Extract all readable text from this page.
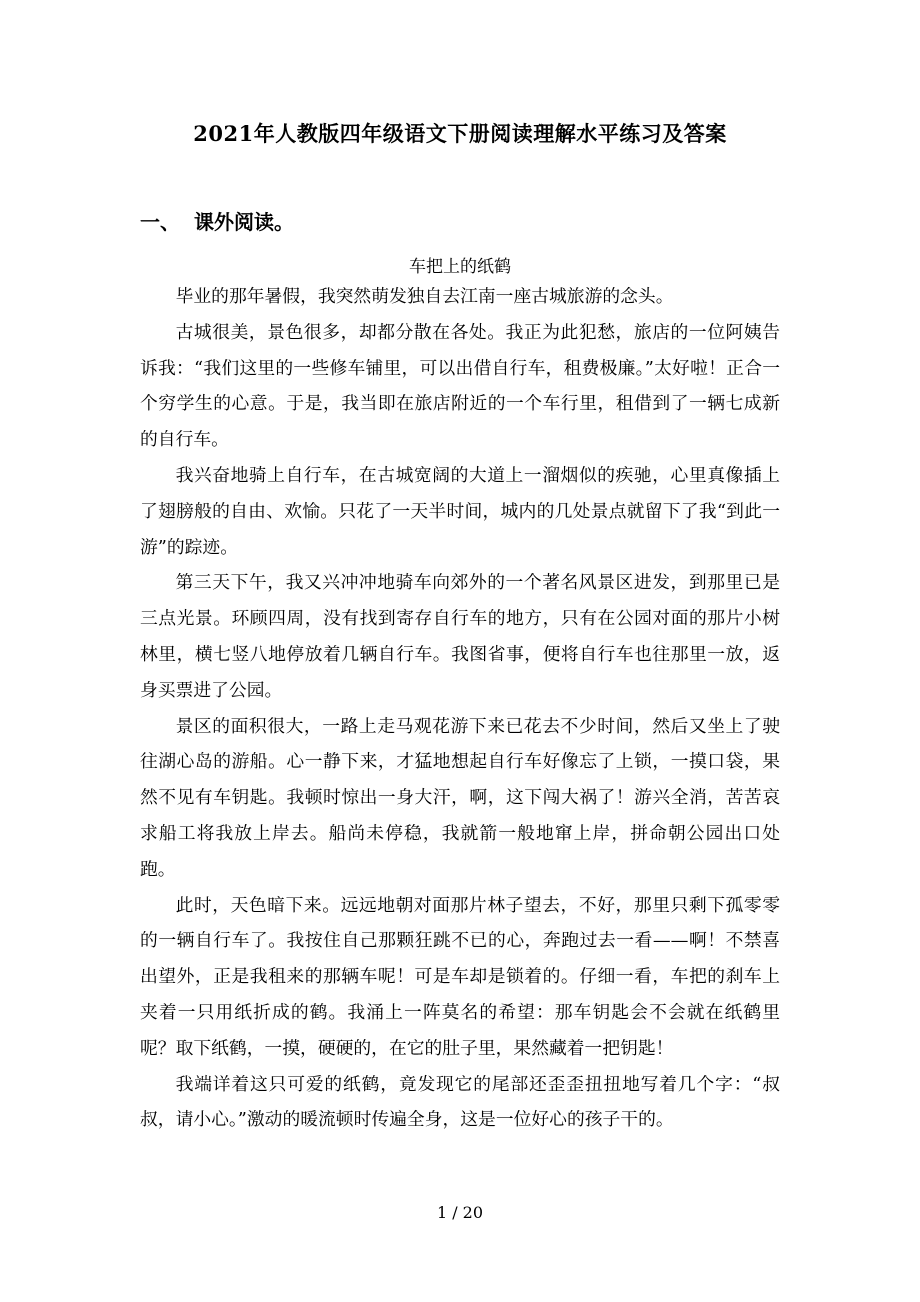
2021年人教版四年级语文下册阅读理解水平练习及答案
一、 课外阅读。
车把上的纸鹤

毕业的那年暑假，我突然萌发独自去江南一座古城旅游的念头。

古城很美，景色很多，却都分散在各处。我正为此犯愁，旅店的一位阿姨告诉我：“我们这里的一些修车铺里，可以出借自行车，租费极廉。”太好啦！正合一个穷学生的心意。于是，我当即在旅店附近的一个车行里，租借到了一辆七成新的自行车。

我兴奋地骑上自行车，在古城宽阔的大道上一溜烟似的疾驰，心里真像插上了翅膀般的自由、欢愉。只花了一天半时间，城内的几处景点就留下了我“到此一游”的踪迹。

第三天下午，我又兴冲冲地骑车向郊外的一个著名风景区进发，到那里已是三点光景。环顾四周，没有找到寄存自行车的地方，只有在公园对面的那片小树林里，横七竖八地停放着几辆自行车。我图省事，便将自行车也往那里一放，返身买票进了公园。

景区的面积很大，一路上走马观花游下来已花去不少时间，然后又坐上了驶往湖心岛的游船。心一静下来，才猛地想起自行车好像忘了上锁，一摸口袋，果然不见有车钥匙。我顿时惊出一身大汗，啊，这下闯大祸了！游兴全消，苦苦哀求船工将我放上岸去。船尚未停稳，我就箭一般地窜上岸，拼命朝公园出口处跑。

此时，天色暗下来。远远地朝对面那片林子望去，不好，那里只剩下孤零零的一辆自行车了。我按住自己那颗狂跳不已的心，奔跑过去一看——啊！不禁喜出望外，正是我租来的那辆车呢！可是车却是锁着的。仔细一看，车把的刹车上夹着一只用纸折成的鹤。我涌上一阵莫名的希望：那车钥匙会不会就在纸鹤里呢？取下纸鹤，一摸，硬硬的，在它的肚子里，果然藏着一把钥匙！

我端详着这只可爱的纸鹤，竟发现它的尾部还歪歪扭扭地写着几个字：“叔叔，请小心。”激动的暖流顿时传遍全身，这是一位好心的孩子干的。

1 / 20
